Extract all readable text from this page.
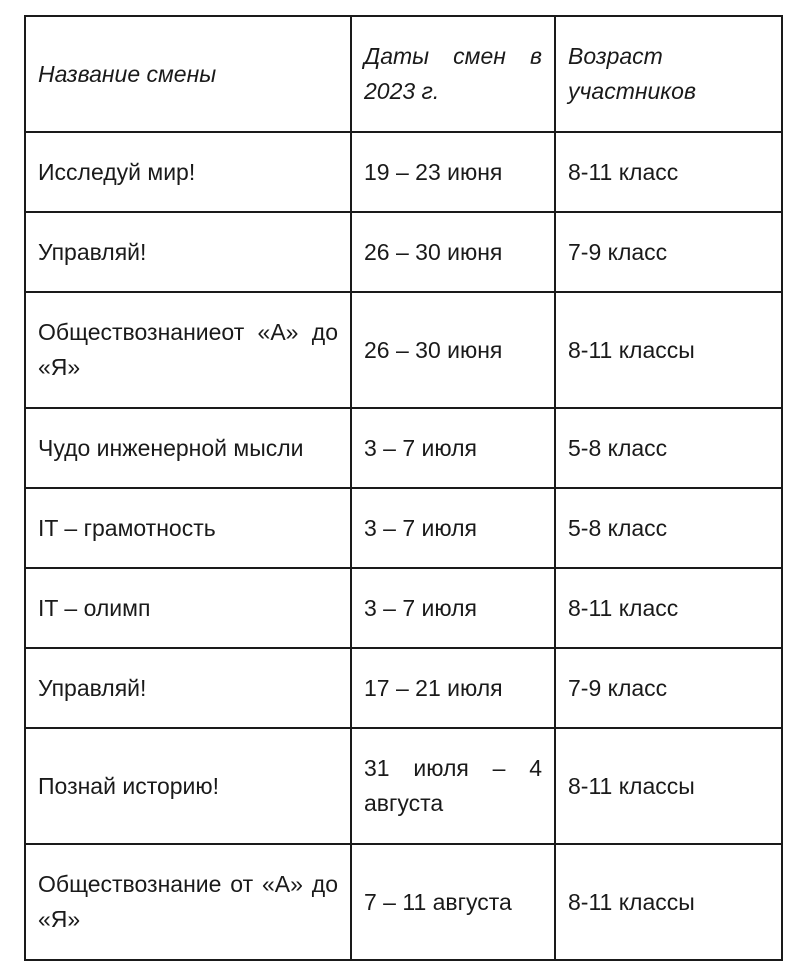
Название смены	Даты смен в 2023 г.	Возраст участников
Исследуй мир!	19 – 23 июня	8-11 класс
Управляй!	26 – 30 июня	7-9 класс
Обществознаниеот «А» до «Я»	26 – 30 июня	8-11 классы
Чудо инженерной мысли	3 – 7 июля	5-8 класс
IT – грамотность	3 – 7 июля	5-8 класс
IT – олимп	3 – 7 июля	8-11 класс
Управляй!	17 – 21 июля	7-9 класс
Познай историю!	31 июля – 4 августа	8-11 классы
Обществознание от «А» до «Я»	7 – 11 августа	8-11 классы
